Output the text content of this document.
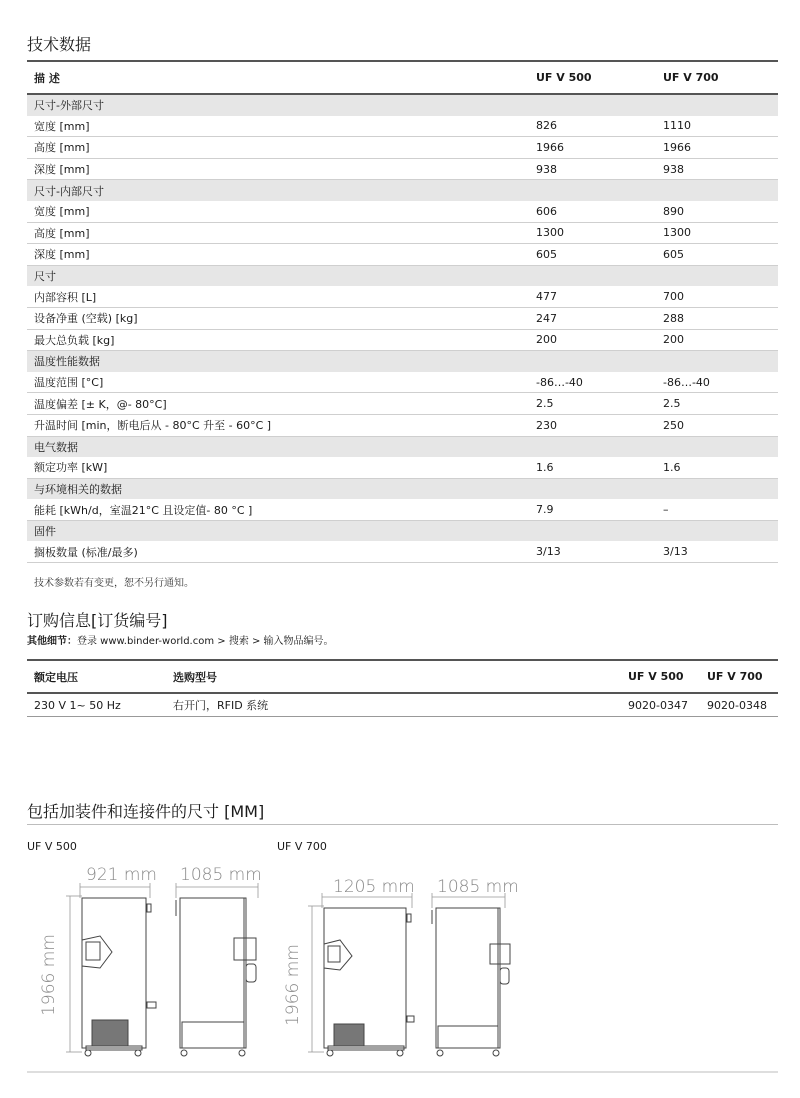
技术数据
描 述	UF V 500	UF V 700
尺寸-外部尺寸		
宽度 [mm]	826	1110
高度 [mm]	1966	1966
深度 [mm]	938	938
尺寸-内部尺寸		
宽度 [mm]	606	890
高度 [mm]	1300	1300
深度 [mm]	605	605
尺寸		
内部容积 [L]	477	700
设备净重 (空载) [kg]	247	288
最大总负载 [kg]	200	200
温度性能数据		
温度范围 [°C]	-86…-40	-86…-40
温度偏差 [± K，@- 80°C]	2.5	2.5
升温时间 [min，断电后从 - 80°C 升至 - 60°C ]	230	250
电气数据		
额定功率 [kW]	1.6	1.6
与环境相关的数据		
能耗 [kWh/d，室温21°C 且设定值- 80 °C ]	7.9	–
固件		
搁板数量 (标准/最多)	3/13	3/13
技术参数若有变更，恕不另行通知。
订购信息[订货编号]
其他细节：登录 www.binder-world.com > 搜索 > 输入物品编号。
额定电压	选购型号	UF V 500	UF V 700
230 V 1~ 50 Hz	右开门，RFID 系统	9020-0347	9020-0348
包括加装件和连接件的尺寸 [MM]
UF V 500	UF V 700
921 mm 1085 mm
1205 mm 1085 mm
1966 mm	1966 mm
